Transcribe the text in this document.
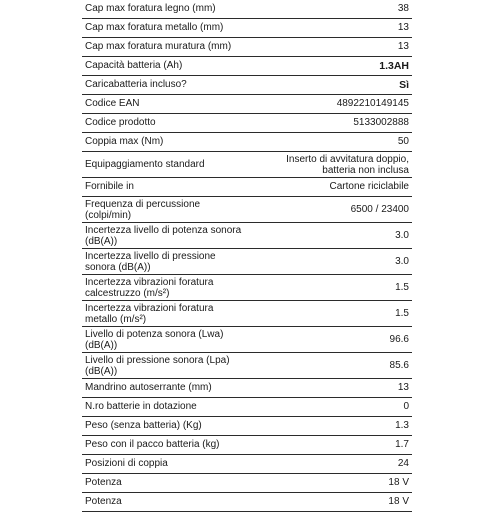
Cap max foratura legno (mm)	38
Cap max foratura metallo (mm)	13
Cap max foratura muratura (mm)	13
Capacità batteria (Ah)	1.3AH
Caricabatteria incluso?	Sì
Codice EAN	4892210149145
Codice prodotto	5133002888
Coppia max (Nm)	50
Equipaggiamento standard	Inserto di avvitatura doppio,
batteria non inclusa
Fornibile in	Cartone riciclabile
Frequenza di percussione
(colpi/min)	6500 / 23400
Incertezza livello di potenza sonora
(dB(A))	3.0
Incertezza livello di pressione
sonora (dB(A))	3.0
Incertezza vibrazioni foratura
calcestruzzo (m/s²)	1.5
Incertezza vibrazioni foratura
metallo (m/s²)	1.5
Livello di potenza sonora (Lwa)
(dB(A))	96.6
Livello di pressione sonora (Lpa)
(dB(A))	85.6
Mandrino autoserrante (mm)	13
N.ro batterie in dotazione	0
Peso (senza batteria) (Kg)	1.3
Peso con il pacco batteria (kg)	1.7
Posizioni di coppia	24
Potenza	18 V
Potenza	18 V
